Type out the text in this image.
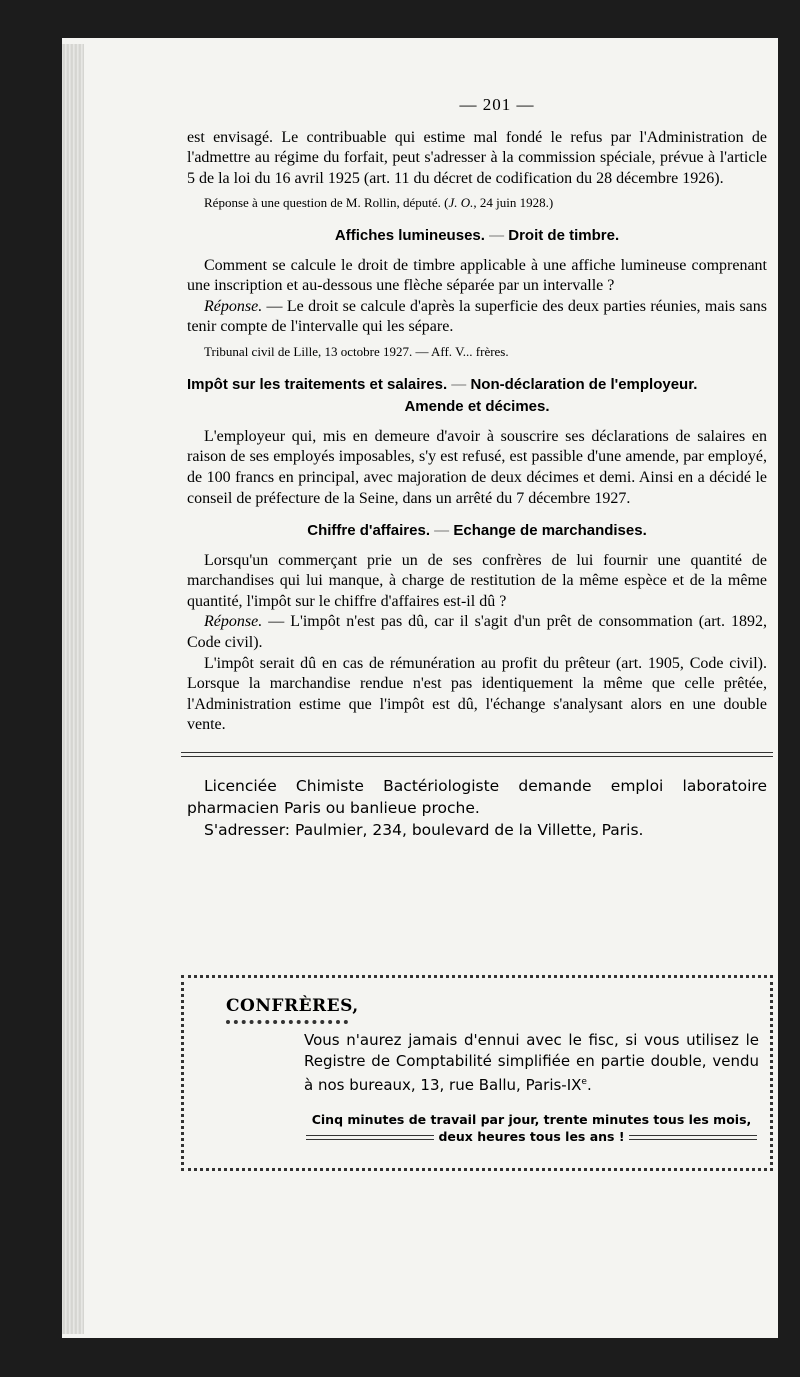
— 201 —

est envisagé. Le contribuable qui estime mal fondé le refus par l'Administration de l'admettre au régime du forfait, peut s'adresser à la commission spéciale, prévue à l'article 5 de la loi du 16 avril 1925 (art. 11 du décret de codification du 28 décembre 1926).

Réponse à une question de M. Rollin, député. (J. O., 24 juin 1928.)

Affiches lumineuses. — Droit de timbre.

Comment se calcule le droit de timbre applicable à une affiche lumineuse comprenant une inscription et au-dessous une flèche séparée par un intervalle ?

Réponse. — Le droit se calcule d'après la superficie des deux parties réunies, mais sans tenir compte de l'intervalle qui les sépare.

Tribunal civil de Lille, 13 octobre 1927. — Aff. V... frères.

Impôt sur les traitements et salaires. — Non-déclaration de l'employeur.
Amende et décimes.

L'employeur qui, mis en demeure d'avoir à souscrire ses déclarations de salaires en raison de ses employés imposables, s'y est refusé, est passible d'une amende, par employé, de 100 francs en principal, avec majoration de deux décimes et demi. Ainsi en a décidé le conseil de préfecture de la Seine, dans un arrêté du 7 décembre 1927.

Chiffre d'affaires. — Echange de marchandises.

Lorsqu'un commerçant prie un de ses confrères de lui fournir une quantité de marchandises qui lui manque, à charge de restitution de la même espèce et de la même quantité, l'impôt sur le chiffre d'affaires est-il dû ?

Réponse. — L'impôt n'est pas dû, car il s'agit d'un prêt de consommation (art. 1892, Code civil).

L'impôt serait dû en cas de rémunération au profit du prêteur (art. 1905, Code civil). Lorsque la marchandise rendue n'est pas identiquement la même que celle prêtée, l'Administration estime que l'impôt est dû, l'échange s'analysant alors en une double vente.

Licenciée Chimiste Bactériologiste demande emploi laboratoire pharmacien Paris ou banlieue proche.

S'adresser: Paulmier, 234, boulevard de la Villette, Paris.

CONFRÈRES,
Vous n'aurez jamais d'ennui avec le fisc, si vous utilisez le Registre de Comptabilité simplifiée en partie double, vendu à nos bureaux, 13, rue Ballu, Paris-IXe.
Cinq minutes de travail par jour, trente minutes tous les mois,
deux heures tous les ans !
